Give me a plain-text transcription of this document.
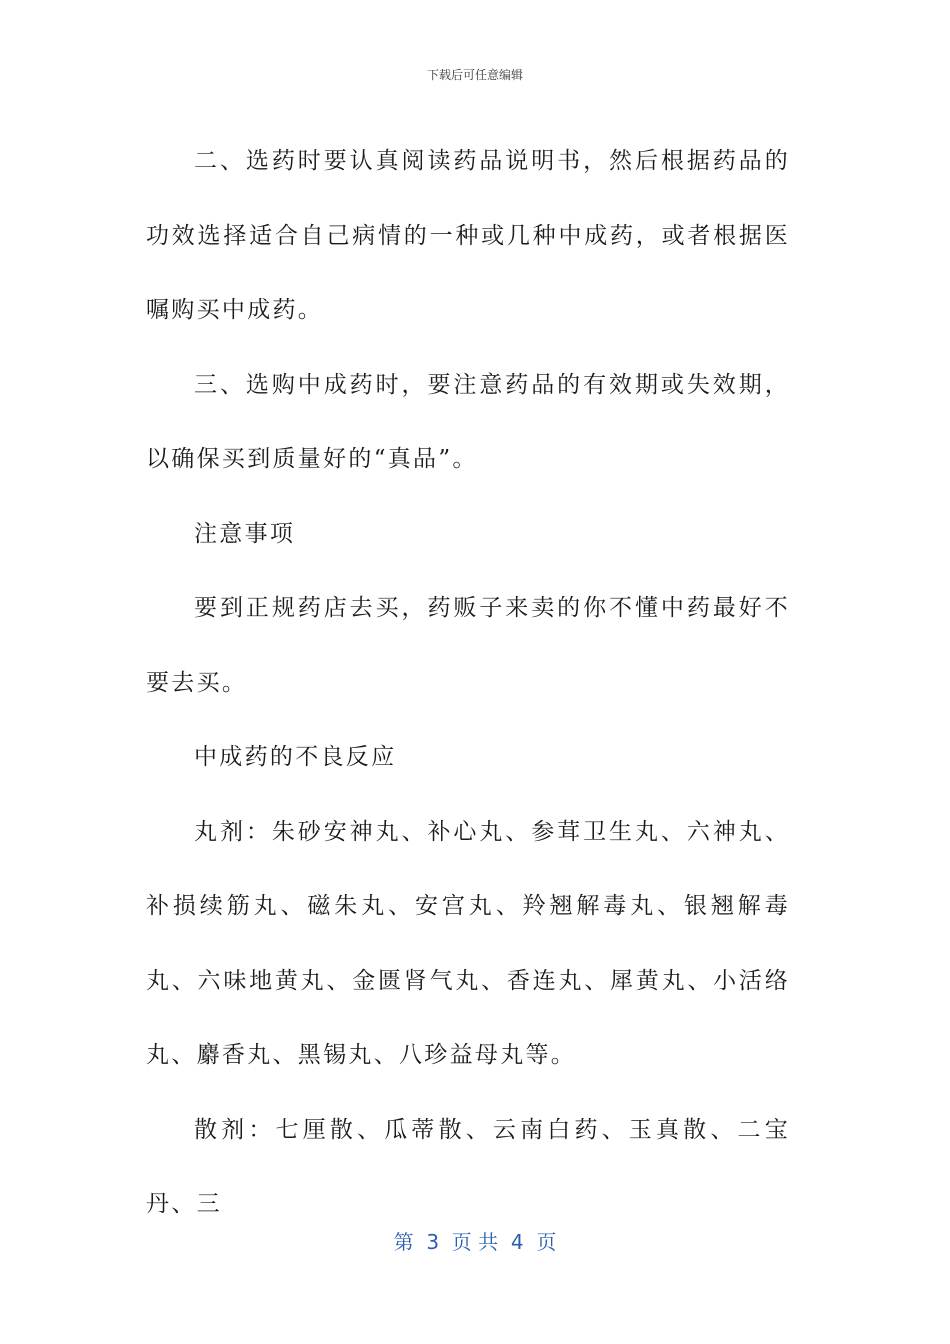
下载后可任意编辑

二、选药时要认真阅读药品说明书，然后根据药品的功效选择适合自己病情的一种或几种中成药，或者根据医嘱购买中成药。

三、选购中成药时，要注意药品的有效期或失效期，以确保买到质量好的“真品”。

注意事项

要到正规药店去买，药贩子来卖的你不懂中药最好不要去买。

中成药的不良反应

丸剂：朱砂安神丸、补心丸、参茸卫生丸、六神丸、补损续筋丸、磁朱丸、安宫丸、羚翘解毒丸、银翘解毒丸、六味地黄丸、金匮肾气丸、香连丸、犀黄丸、小活络丸、麝香丸、黑锡丸、八珍益母丸等。

散剂：七厘散、瓜蒂散、云南白药、玉真散、二宝丹、三

第  3  页 共  4  页
